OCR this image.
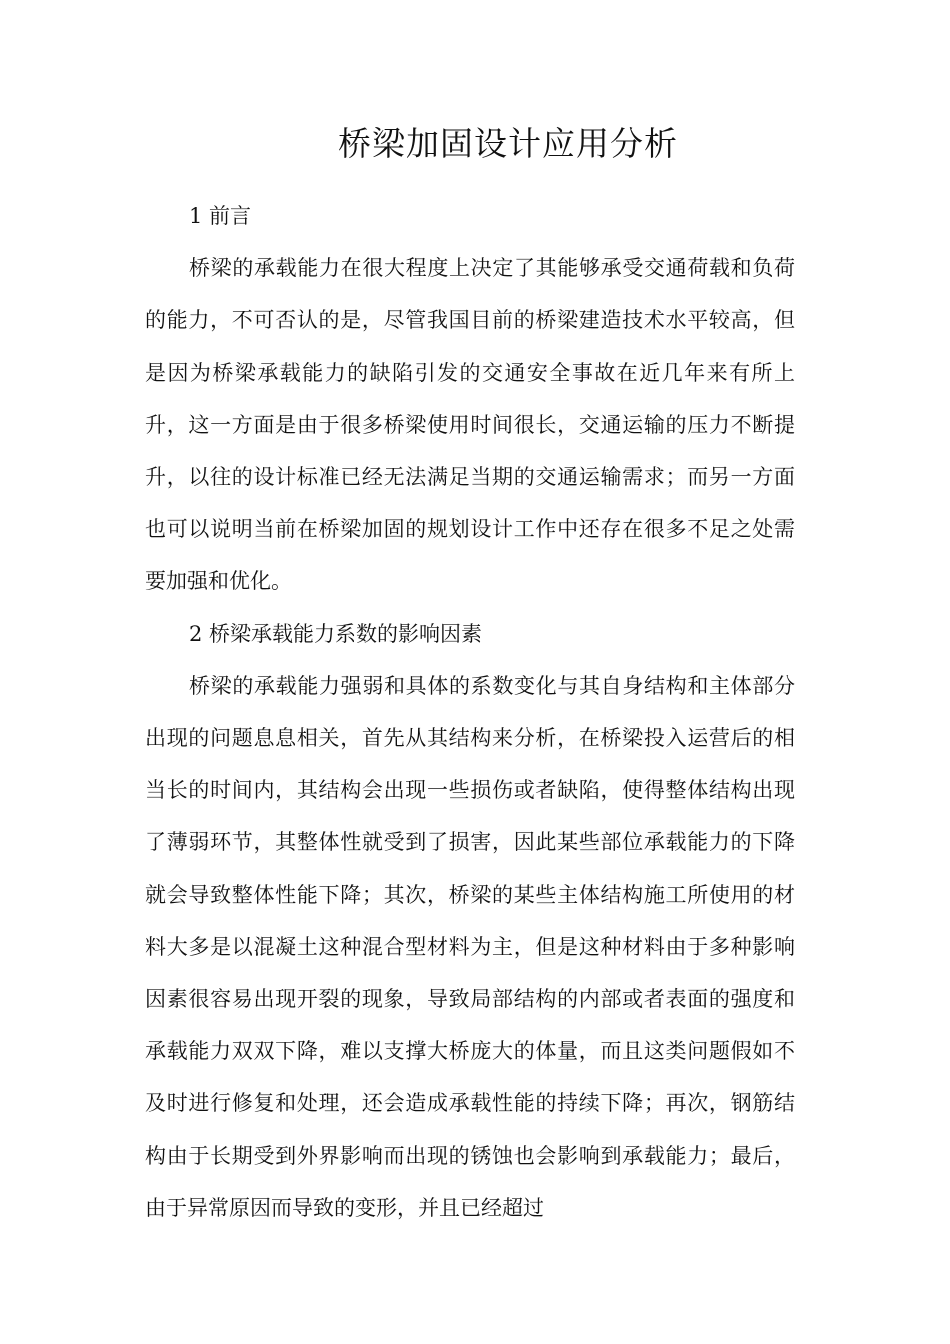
桥梁加固设计应用分析

1 前言

桥梁的承载能力在很大程度上决定了其能够承受交通荷载和负荷的能力，不可否认的是，尽管我国目前的桥梁建造技术水平较高，但是因为桥梁承载能力的缺陷引发的交通安全事故在近几年来有所上升，这一方面是由于很多桥梁使用时间很长，交通运输的压力不断提升，以往的设计标准已经无法满足当期的交通运输需求；而另一方面也可以说明当前在桥梁加固的规划设计工作中还存在很多不足之处需要加强和优化。

2 桥梁承载能力系数的影响因素

桥梁的承载能力强弱和具体的系数变化与其自身结构和主体部分出现的问题息息相关，首先从其结构来分析，在桥梁投入运营后的相当长的时间内，其结构会出现一些损伤或者缺陷，使得整体结构出现了薄弱环节，其整体性就受到了损害，因此某些部位承载能力的下降就会导致整体性能下降；其次，桥梁的某些主体结构施工所使用的材料大多是以混凝土这种混合型材料为主，但是这种材料由于多种影响因素很容易出现开裂的现象，导致局部结构的内部或者表面的强度和承载能力双双下降，难以支撑大桥庞大的体量，而且这类问题假如不及时进行修复和处理，还会造成承载性能的持续下降；再次，钢筋结构由于长期受到外界影响而出现的锈蚀也会影响到承载能力；最后，由于异常原因而导致的变形，并且已经超过
